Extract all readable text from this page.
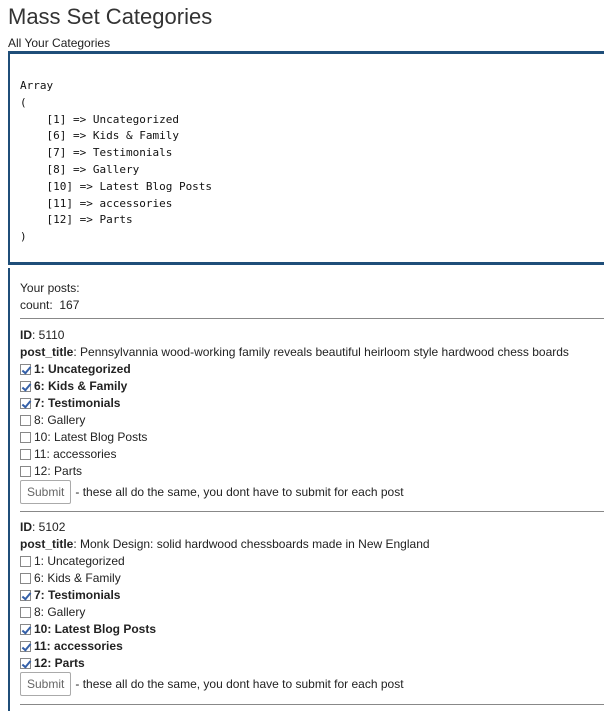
Mass Set Categories
All Your Categories
Array
(
[1] => Uncategorized
[6] => Kids & Family
[7] => Testimonials
[8] => Gallery
[10] => Latest Blog Posts
[11] => accessories
[12] => Parts
)
Your posts:
count: 167
ID: 5110
post_title: Pennsylvannia wood-working family reveals beautiful heirloom style hardwood chess boards
1: Uncategorized
6: Kids & Family
7: Testimonials
8: Gallery
10: Latest Blog Posts
11: accessories
12: Parts
Submit - these all do the same, you dont have to submit for each post
ID: 5102
post_title: Monk Design: solid hardwood chessboards made in New England
1: Uncategorized
6: Kids & Family
7: Testimonials
8: Gallery
10: Latest Blog Posts
11: accessories
12: Parts
Submit - these all do the same, you dont have to submit for each post
